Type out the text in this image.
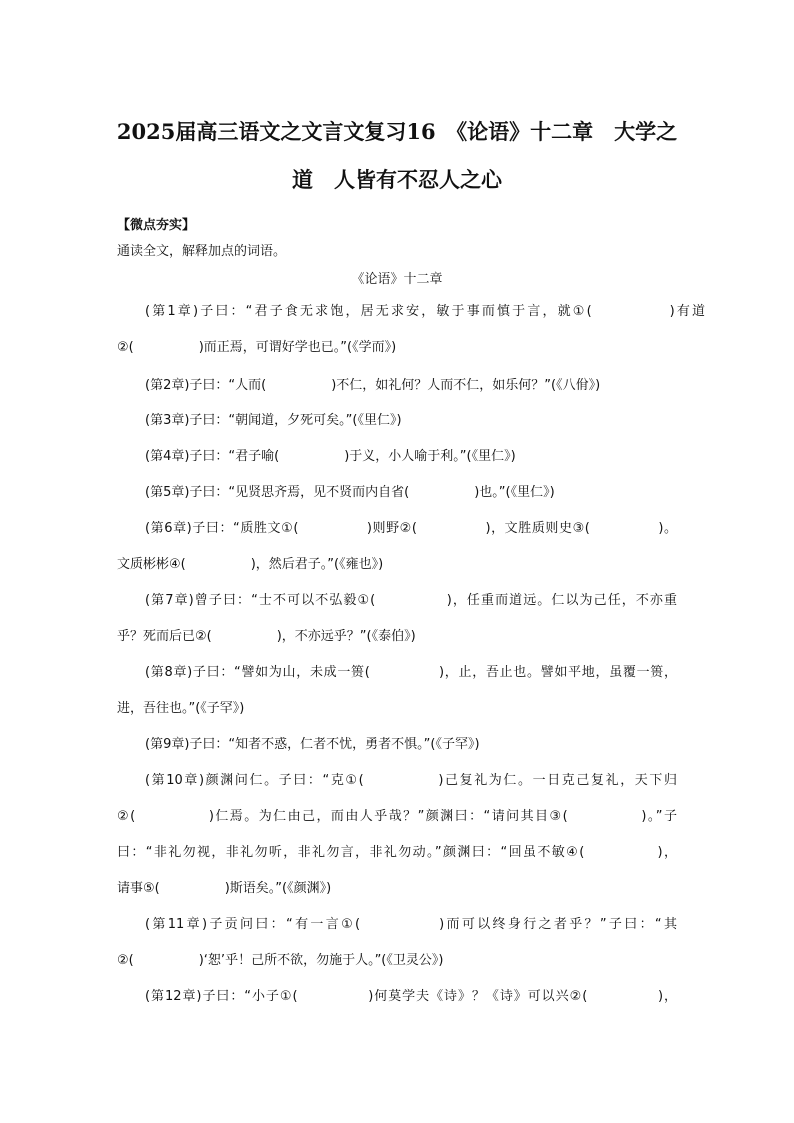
2025届高三语文之文言文复习16　《论语》十二章　大学之
道　人皆有不忍人之心
【微点夯实】
通读全文，解释加点的词语。
《论语》十二章
(第1章)子曰：“君子食无求饱，居无求安，敏于事而慎于言，就①(　　　　　)有道
②(　　　　　)而正焉，可谓好学也已。”(《学而》)
(第2章)子曰：“人而(　　　　　)不仁，如礼何？人而不仁，如乐何？”(《八佾》)
(第3章)子曰：“朝闻道，夕死可矣。”(《里仁》)
(第4章)子曰：“君子喻(　　　　　)于义，小人喻于利。”(《里仁》)
(第5章)子曰：“见贤思齐焉，见不贤而内自省(　　　　　)也。”(《里仁》)
(第6章)子曰：“质胜文①(　　　　　)则野②(　　　　　)，文胜质则史③(　　　　　)。
文质彬彬④(　　　　　)，然后君子。”(《雍也》)
(第7章)曾子曰：“士不可以不弘毅①(　　　　　)，任重而道远。仁以为己任，不亦重
乎？死而后已②(　　　　　)，不亦远乎？”(《泰伯》)
(第8章)子曰：“譬如为山，未成一篑(　　　　　)，止，吾止也。譬如平地，虽覆一篑，
进，吾往也。”(《子罕》)
(第9章)子曰：“知者不惑，仁者不忧，勇者不惧。”(《子罕》)
(第10章)颜渊问仁。子曰：“克①(　　　　　)己复礼为仁。一日克己复礼，天下归
②(　　　　　)仁焉。为仁由己，而由人乎哉？”颜渊曰：“请问其目③(　　　　　)。”子
曰：“非礼勿视，非礼勿听，非礼勿言，非礼勿动。”颜渊曰：“回虽不敏④(　　　　　)，
请事⑤(　　　　　)斯语矣。”(《颜渊》)
(第11章)子贡问曰：“有一言①(　　　　　)而可以终身行之者乎？”子曰：“其
②(　　　　　)‘恕’乎！己所不欲，勿施于人。”(《卫灵公》)
(第12章)子曰：“小子①(　　　　　)何莫学夫《诗》？《诗》可以兴②(　　　　　)，
